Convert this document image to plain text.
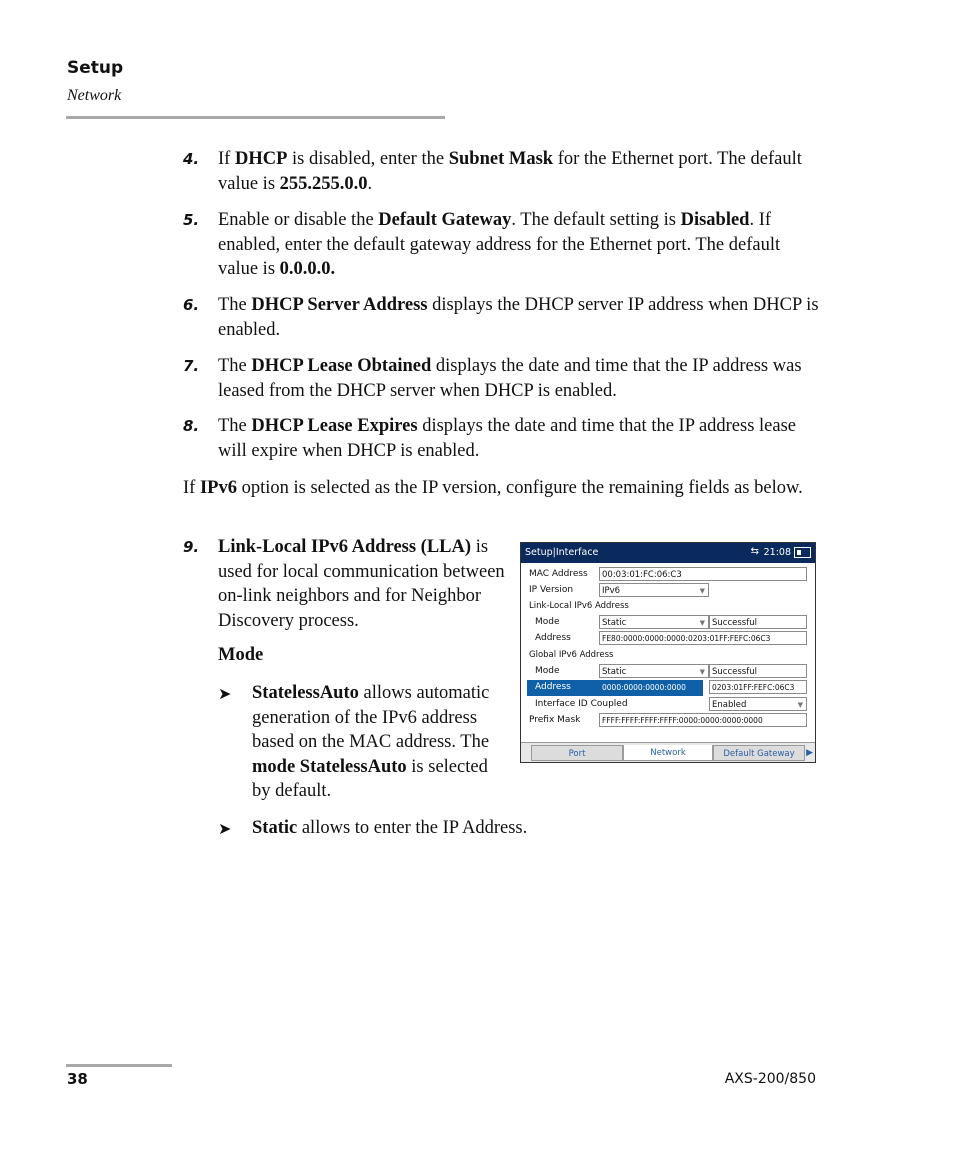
Setup
Network
4. If DHCP is disabled, enter the Subnet Mask for the Ethernet port. The default value is 255.255.0.0.
5. Enable or disable the Default Gateway. The default setting is Disabled. If enabled, enter the default gateway address for the Ethernet port. The default value is 0.0.0.0.
6. The DHCP Server Address displays the DHCP server IP address when DHCP is enabled.
7. The DHCP Lease Obtained displays the date and time that the IP address was leased from the DHCP server when DHCP is enabled.
8. The DHCP Lease Expires displays the date and time that the IP address lease will expire when DHCP is enabled.
If IPv6 option is selected as the IP version, configure the remaining fields as below.
9. Link-Local IPv6 Address (LLA) is used for local communication between on-link neighbors and for Neighbor Discovery process.
Mode
➤ StatelessAuto allows automatic generation of the IPv6 address based on the MAC address. The mode StatelessAuto is selected by default.
➤ Static allows to enter the IP Address.
Setup|Interface	⇆ 21:08
MAC Address	00:03:01:FC:06:C3
IP Version	IPv6 ▼
Link-Local IPv6 Address
Mode	Static ▼	Successful
Address	FE80:0000:0000:0000:0203:01FF:FEFC:06C3
Global IPv6 Address
Mode	Static ▼	Successful
Address	0000:0000:0000:0000	0203:01FF:FEFC:06C3
Interface ID Coupled	Enabled ▼
Prefix Mask	FFFF:FFFF:FFFF:FFFF:0000:0000:0000:0000
Port	Network	Default Gateway	▶
38	AXS-200/850
